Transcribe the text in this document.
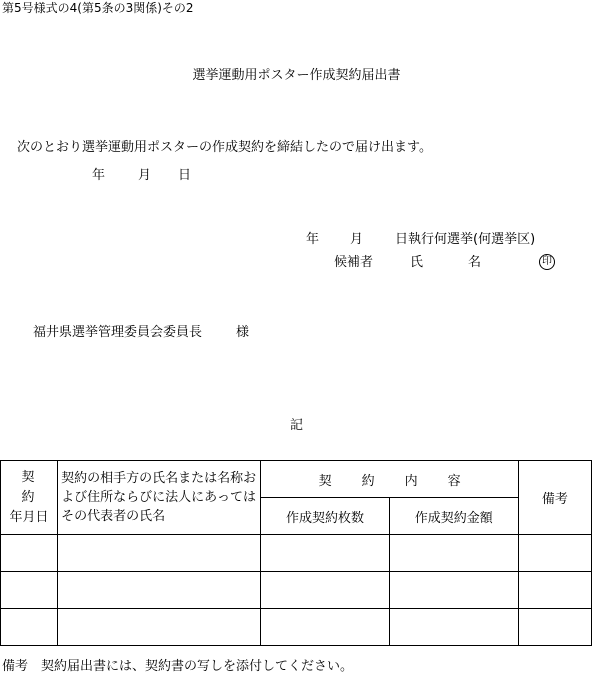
第5号様式の4(第5条の3関係)その2
選挙運動用ポスター作成契約届出書
次のとおり選挙運動用ポスターの作成契約を締結したので届け出ます。
年	月 日
年 月 日執行何選挙(何選挙区)
候補者	氏	名	印
福井県選挙管理委員会委員長	様
記
契約
年月日	契約の相手方の氏名または名称および住所ならびに法人にあってはその代表者の氏名	契約内容		備考
		作成契約枚数	作成契約金額	

備考　契約届出書には、契約書の写しを添付してください。
